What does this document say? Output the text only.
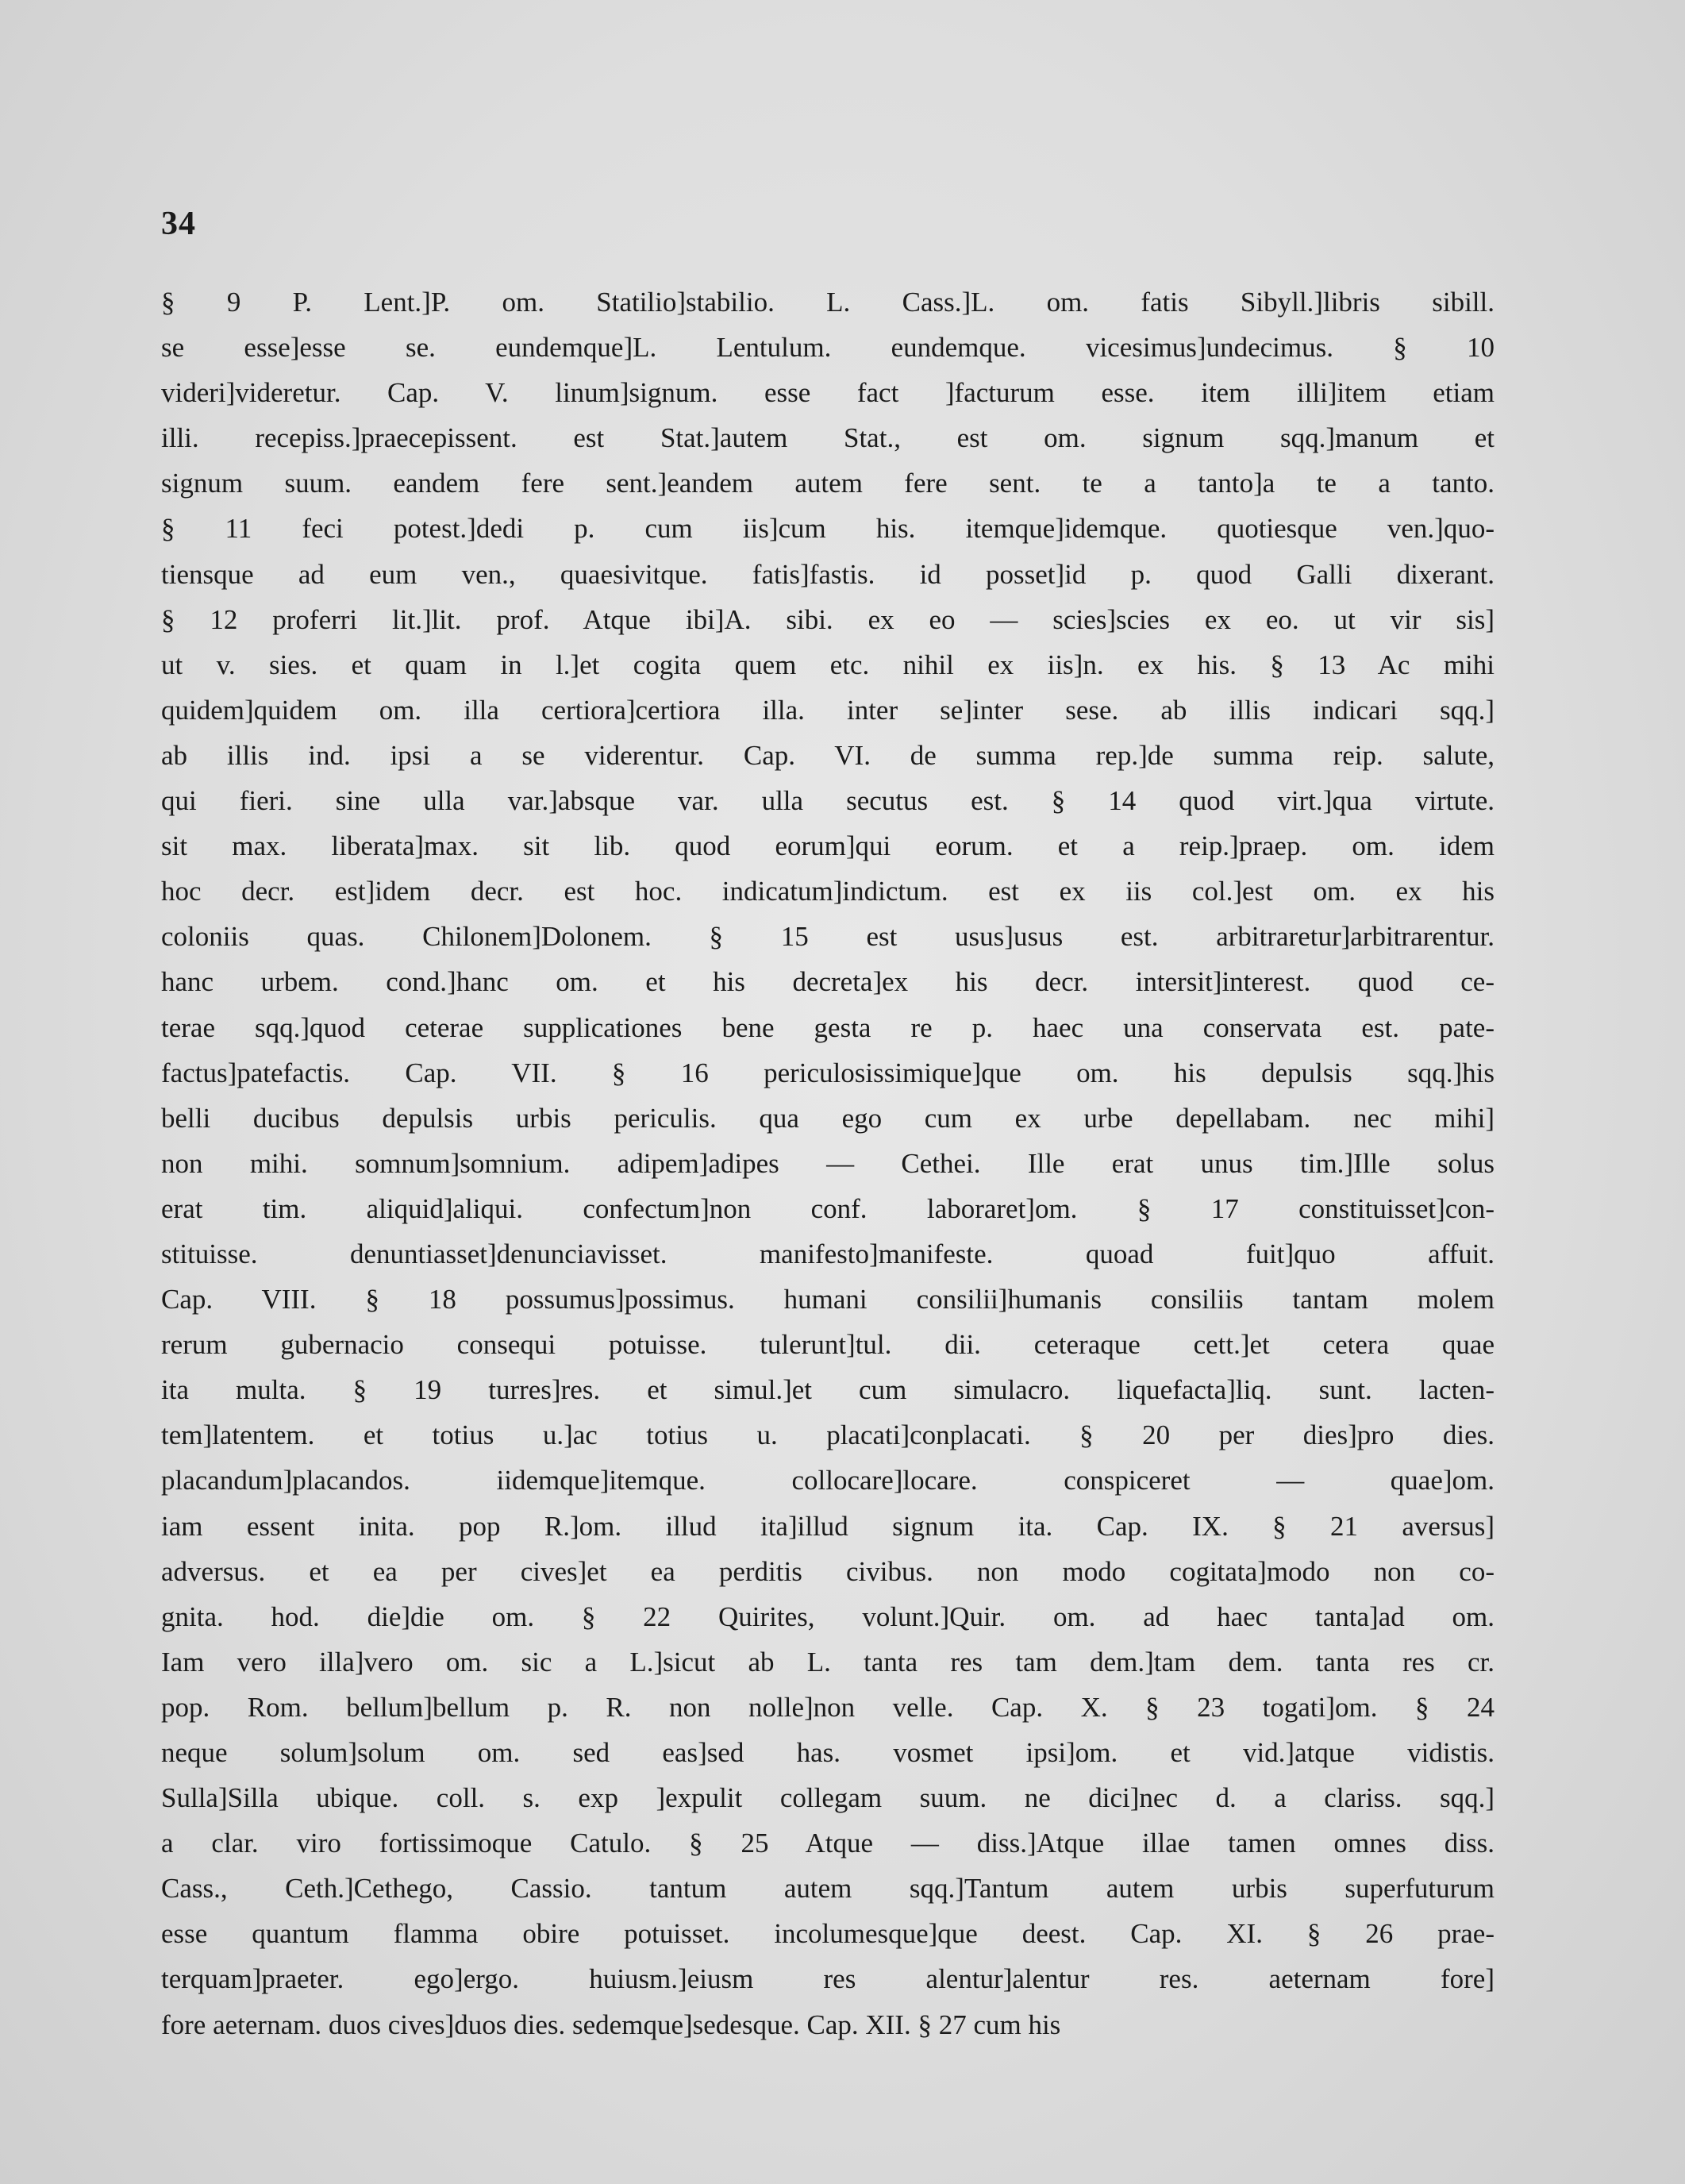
34
§ 9 P. Lent.]P. om. Statilio]stabilio. L. Cass.]L. om. fatis Sibyll.]libris sibill.
se esse]esse se. eundemque]L. Lentulum. eundemque. vicesimus]undecimus. § 10
videri]videretur. Cap. V. linum]signum. esse fact ]facturum esse. item illi]item etiam
illi. recepiss.]praecepissent. est Stat.]autem Stat., est om. signum sqq.]manum et
signum suum. eandem fere sent.]eandem autem fere sent. te a tanto]a te a tanto.
§ 11 feci potest.]dedi p. cum iis]cum his. itemque]idemque. quotiesque ven.]quo-
tiensque ad eum ven., quaesivitque. fatis]fastis. id posset]id p. quod Galli dixerant.
§ 12 proferri lit.]lit. prof. Atque ibi]A. sibi. ex eo — scies]scies ex eo. ut vir sis]
ut v. sies. et quam in l.]et cogita quem etc. nihil ex iis]n. ex his. § 13 Ac mihi
quidem]quidem om. illa certiora]certiora illa. inter se]inter sese. ab illis indicari sqq.]
ab illis ind. ipsi a se viderentur. Cap. VI. de summa rep.]de summa reip. salute,
qui fieri. sine ulla var.]absque var. ulla secutus est. § 14 quod virt.]qua virtute.
sit max. liberata]max. sit lib. quod eorum]qui eorum. et a reip.]praep. om. idem
hoc decr. est]idem decr. est hoc. indicatum]indictum. est ex iis col.]est om. ex his
coloniis quas. Chilonem]Dolonem. § 15 est usus]usus est. arbitraretur]arbitrarentur.
hanc urbem. cond.]hanc om. et his decreta]ex his decr. intersit]interest. quod ce-
terae sqq.]quod ceterae supplicationes bene gesta re p. haec una conservata est. pate-
factus]patefactis. Cap. VII. § 16 periculosissimique]que om. his depulsis sqq.]his
belli ducibus depulsis urbis periculis. qua ego cum ex urbe depellabam. nec mihi]
non mihi. somnum]somnium. adipem]adipes — Cethei. Ille erat unus tim.]Ille solus
erat tim. aliquid]aliqui. confectum]non conf. laboraret]om. § 17 constituisset]con-
stituisse. denuntiasset]denunciavisset. manifesto]manifeste. quoad fuit]quo affuit.
Cap. VIII. § 18 possumus]possimus. humani consilii]humanis consiliis tantam molem
rerum gubernacio consequi potuisse. tulerunt]tul. dii. ceteraque cett.]et cetera quae
ita multa. § 19 turres]res. et simul.]et cum simulacro. liquefacta]liq. sunt. lacten-
tem]latentem. et totius u.]ac totius u. placati]conplacati. § 20 per dies]pro dies.
placandum]placandos. iidemque]itemque. collocare]locare. conspiceret — quae]om.
iam essent inita. pop R.]om. illud ita]illud signum ita. Cap. IX. § 21 aversus]
adversus. et ea per cives]et ea perditis civibus. non modo cogitata]modo non co-
gnita. hod. die]die om. § 22 Quirites, volunt.]Quir. om. ad haec tanta]ad om.
Iam vero illa]vero om. sic a L.]sicut ab L. tanta res tam dem.]tam dem. tanta res cr.
pop. Rom. bellum]bellum p. R. non nolle]non velle. Cap. X. § 23 togati]om. § 24
neque solum]solum om. sed eas]sed has. vosmet ipsi]om. et vid.]atque vidistis.
Sulla]Silla ubique. coll. s. exp ]expulit collegam suum. ne dici]nec d. a clariss. sqq.]
a clar. viro fortissimoque Catulo. § 25 Atque — diss.]Atque illae tamen omnes diss.
Cass., Ceth.]Cethego, Cassio. tantum autem sqq.]Tantum autem urbis superfuturum
esse quantum flamma obire potuisset. incolumesque]que deest. Cap. XI. § 26 prae-
terquam]praeter. ego]ergo. huiusm.]eiusm res alentur]alentur res. aeternam fore]
fore aeternam. duos cives]duos dies. sedemque]sedesque. Cap. XII. § 27 cum his
